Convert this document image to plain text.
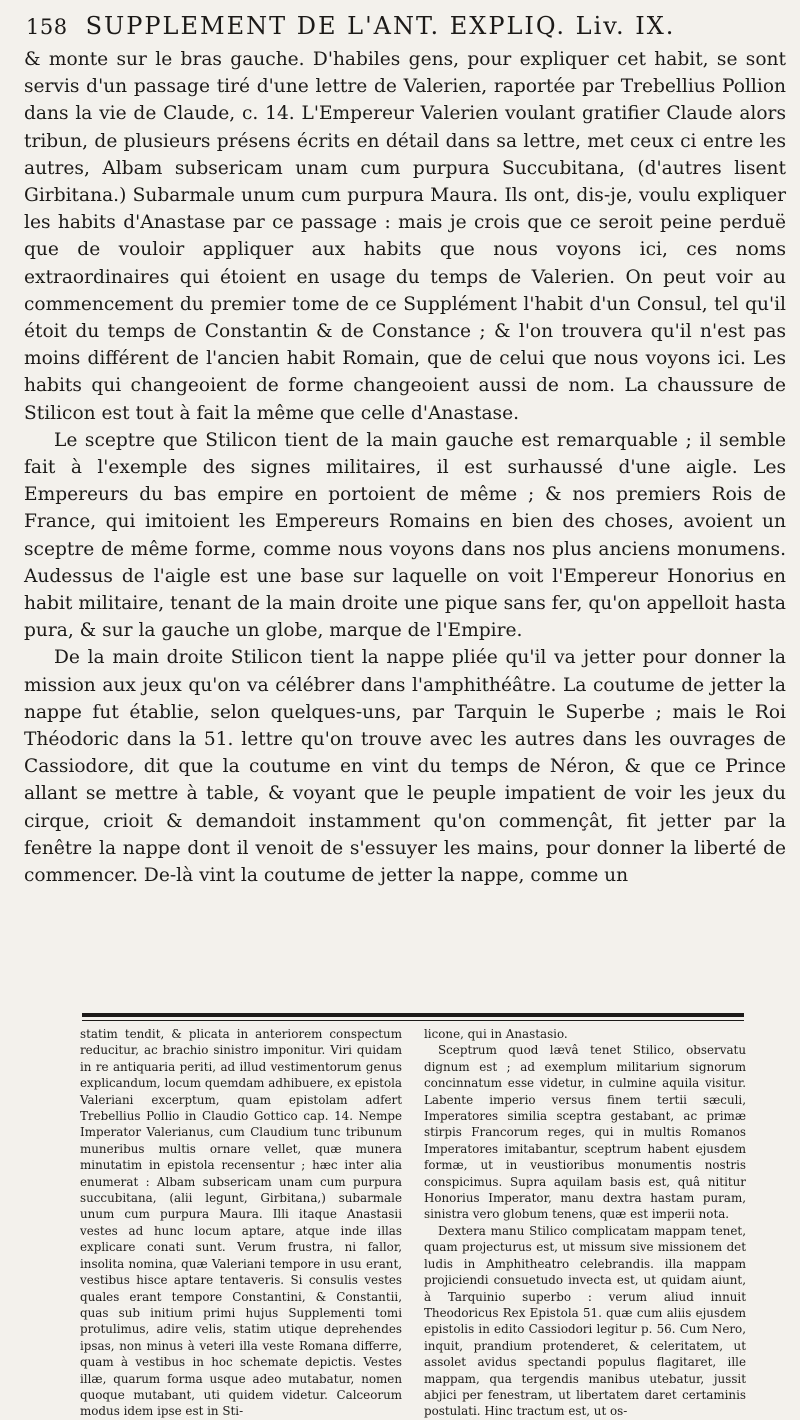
158 SUPPLEMENT DE L'ANT. EXPLIQ. Liv. IX.

& monte sur le bras gauche. D'habiles gens, pour expliquer cet habit, se sont servis d'un passage tiré d'une lettre de Valerien, raportée par Trebellius Pollion dans la vie de Claude, c. 14. L'Empereur Valerien voulant gratifier Claude alors tribun, de plusieurs présens écrits en détail dans sa lettre, met ceux ci entre les autres, Albam subsericam unam cum purpura Succubitana, (d'autres lisent Girbitana.) Subarmale unum cum purpura Maura. Ils ont, dis-je, voulu expliquer les habits d'Anastase par ce passage : mais je crois que ce seroit peine perduë que de vouloir appliquer aux habits que nous voyons ici, ces noms extraordinaires qui étoient en usage du temps de Valerien. On peut voir au commencement du premier tome de ce Supplément l'habit d'un Consul, tel qu'il étoit du temps de Constantin & de Constance ; & l'on trouvera qu'il n'est pas moins différent de l'ancien habit Romain, que de celui que nous voyons ici. Les habits qui changeoient de forme changeoient aussi de nom. La chaussure de Stilicon est tout à fait la même que celle d'Anastase.

Le sceptre que Stilicon tient de la main gauche est remarquable ; il semble fait à l'exemple des signes militaires, il est surhaussé d'une aigle. Les Empereurs du bas empire en portoient de même ; & nos premiers Rois de France, qui imitoient les Empereurs Romains en bien des choses, avoient un sceptre de même forme, comme nous voyons dans nos plus anciens monumens. Audessus de l'aigle est une base sur laquelle on voit l'Empereur Honorius en habit militaire, tenant de la main droite une pique sans fer, qu'on appelloit hasta pura, & sur la gauche un globe, marque de l'Empire.

De la main droite Stilicon tient la nappe pliée qu'il va jetter pour donner la mission aux jeux qu'on va célébrer dans l'amphithéâtre. La coutume de jetter la nappe fut établie, selon quelques-uns, par Tarquin le Superbe ; mais le Roi Théodoric dans la 51. lettre qu'on trouve avec les autres dans les ouvrages de Cassiodore, dit que la coutume en vint du temps de Néron, & que ce Prince allant se mettre à table, & voyant que le peuple impatient de voir les jeux du cirque, crioit & demandoit instamment qu'on commençât, fit jetter par la fenêtre la nappe dont il venoit de s'essuyer les mains, pour donner la liberté de commencer. De-là vint la coutume de jetter la nappe, comme un

statim tendit, & plicata in anteriorem conspectum reducitur, ac brachio sinistro imponitur. Viri quidam in re antiquaria periti, ad illud vestimentorum genus explicandum, locum quemdam adhibuere, ex epistola Valeriani excerptum, quam epistolam adfert Trebellius Pollio in Claudio Gottico cap. 14. Nempe Imperator Valerianus, cum Claudium tunc tribunum muneribus multis ornare vellet, quæ munera minutatim in epistola recensentur ; hæc inter alia enumerat : Albam subsericam unam cum purpura succubitana, (alii legunt, Girbitana,) subarmale unum cum purpura Maura. Illi itaque Anastasii vestes ad hunc locum aptare, atque inde illas explicare conati sunt. Verum frustra, ni fallor, insolita nomina, quæ Valeriani tempore in usu erant, vestibus hisce aptare tentaveris. Si consulis vestes quales erant tempore Constantini, & Constantii, quas sub initium primi hujus Supplementi tomi protulimus, adire velis, statim utique deprehendes ipsas, non minus à veteri illa veste Romana differre, quam à vestibus in hoc schemate depictis. Vestes illæ, quarum forma usque adeo mutabatur, nomen quoque mutabant, uti quidem videtur. Calceorum modus idem ipse est in Sti-

licone, qui in Anastasio.

Sceptrum quod lævâ tenet Stilico, observatu dignum est ; ad exemplum militarium signorum concinnatum esse videtur, in culmine aquila visitur. Labente imperio versus finem tertii sæculi, Imperatores similia sceptra gestabant, ac primæ stirpis Francorum reges, qui in multis Romanos Imperatores imitabantur, sceptrum habent ejusdem formæ, ut in veustioribus monumentis nostris conspicimus. Supra aquilam basis est, quâ nititur Honorius Imperator, manu dextra hastam puram, sinistra vero globum tenens, quæ est imperii nota.

Dextera manu Stilico complicatam mappam tenet, quam projecturus est, ut missum sive missionem det ludis in Amphitheatro celebrandis. illa mappam projiciendi consuetudo invecta est, ut quidam aiunt, à Tarquinio superbo : verum aliud innuit Theodoricus Rex Epistola 51. quæ cum aliis ejusdem epistolis in edito Cassiodori legitur p. 56. Cum Nero, inquit, prandium protenderet, & celeritatem, ut assolet avidus spectandi populus flagitaret, ille mappam, qua tergendis manibus utebatur, jussit abjici per fenestram, ut libertatem daret certaminis postulati. Hinc tractum est, ut os-
